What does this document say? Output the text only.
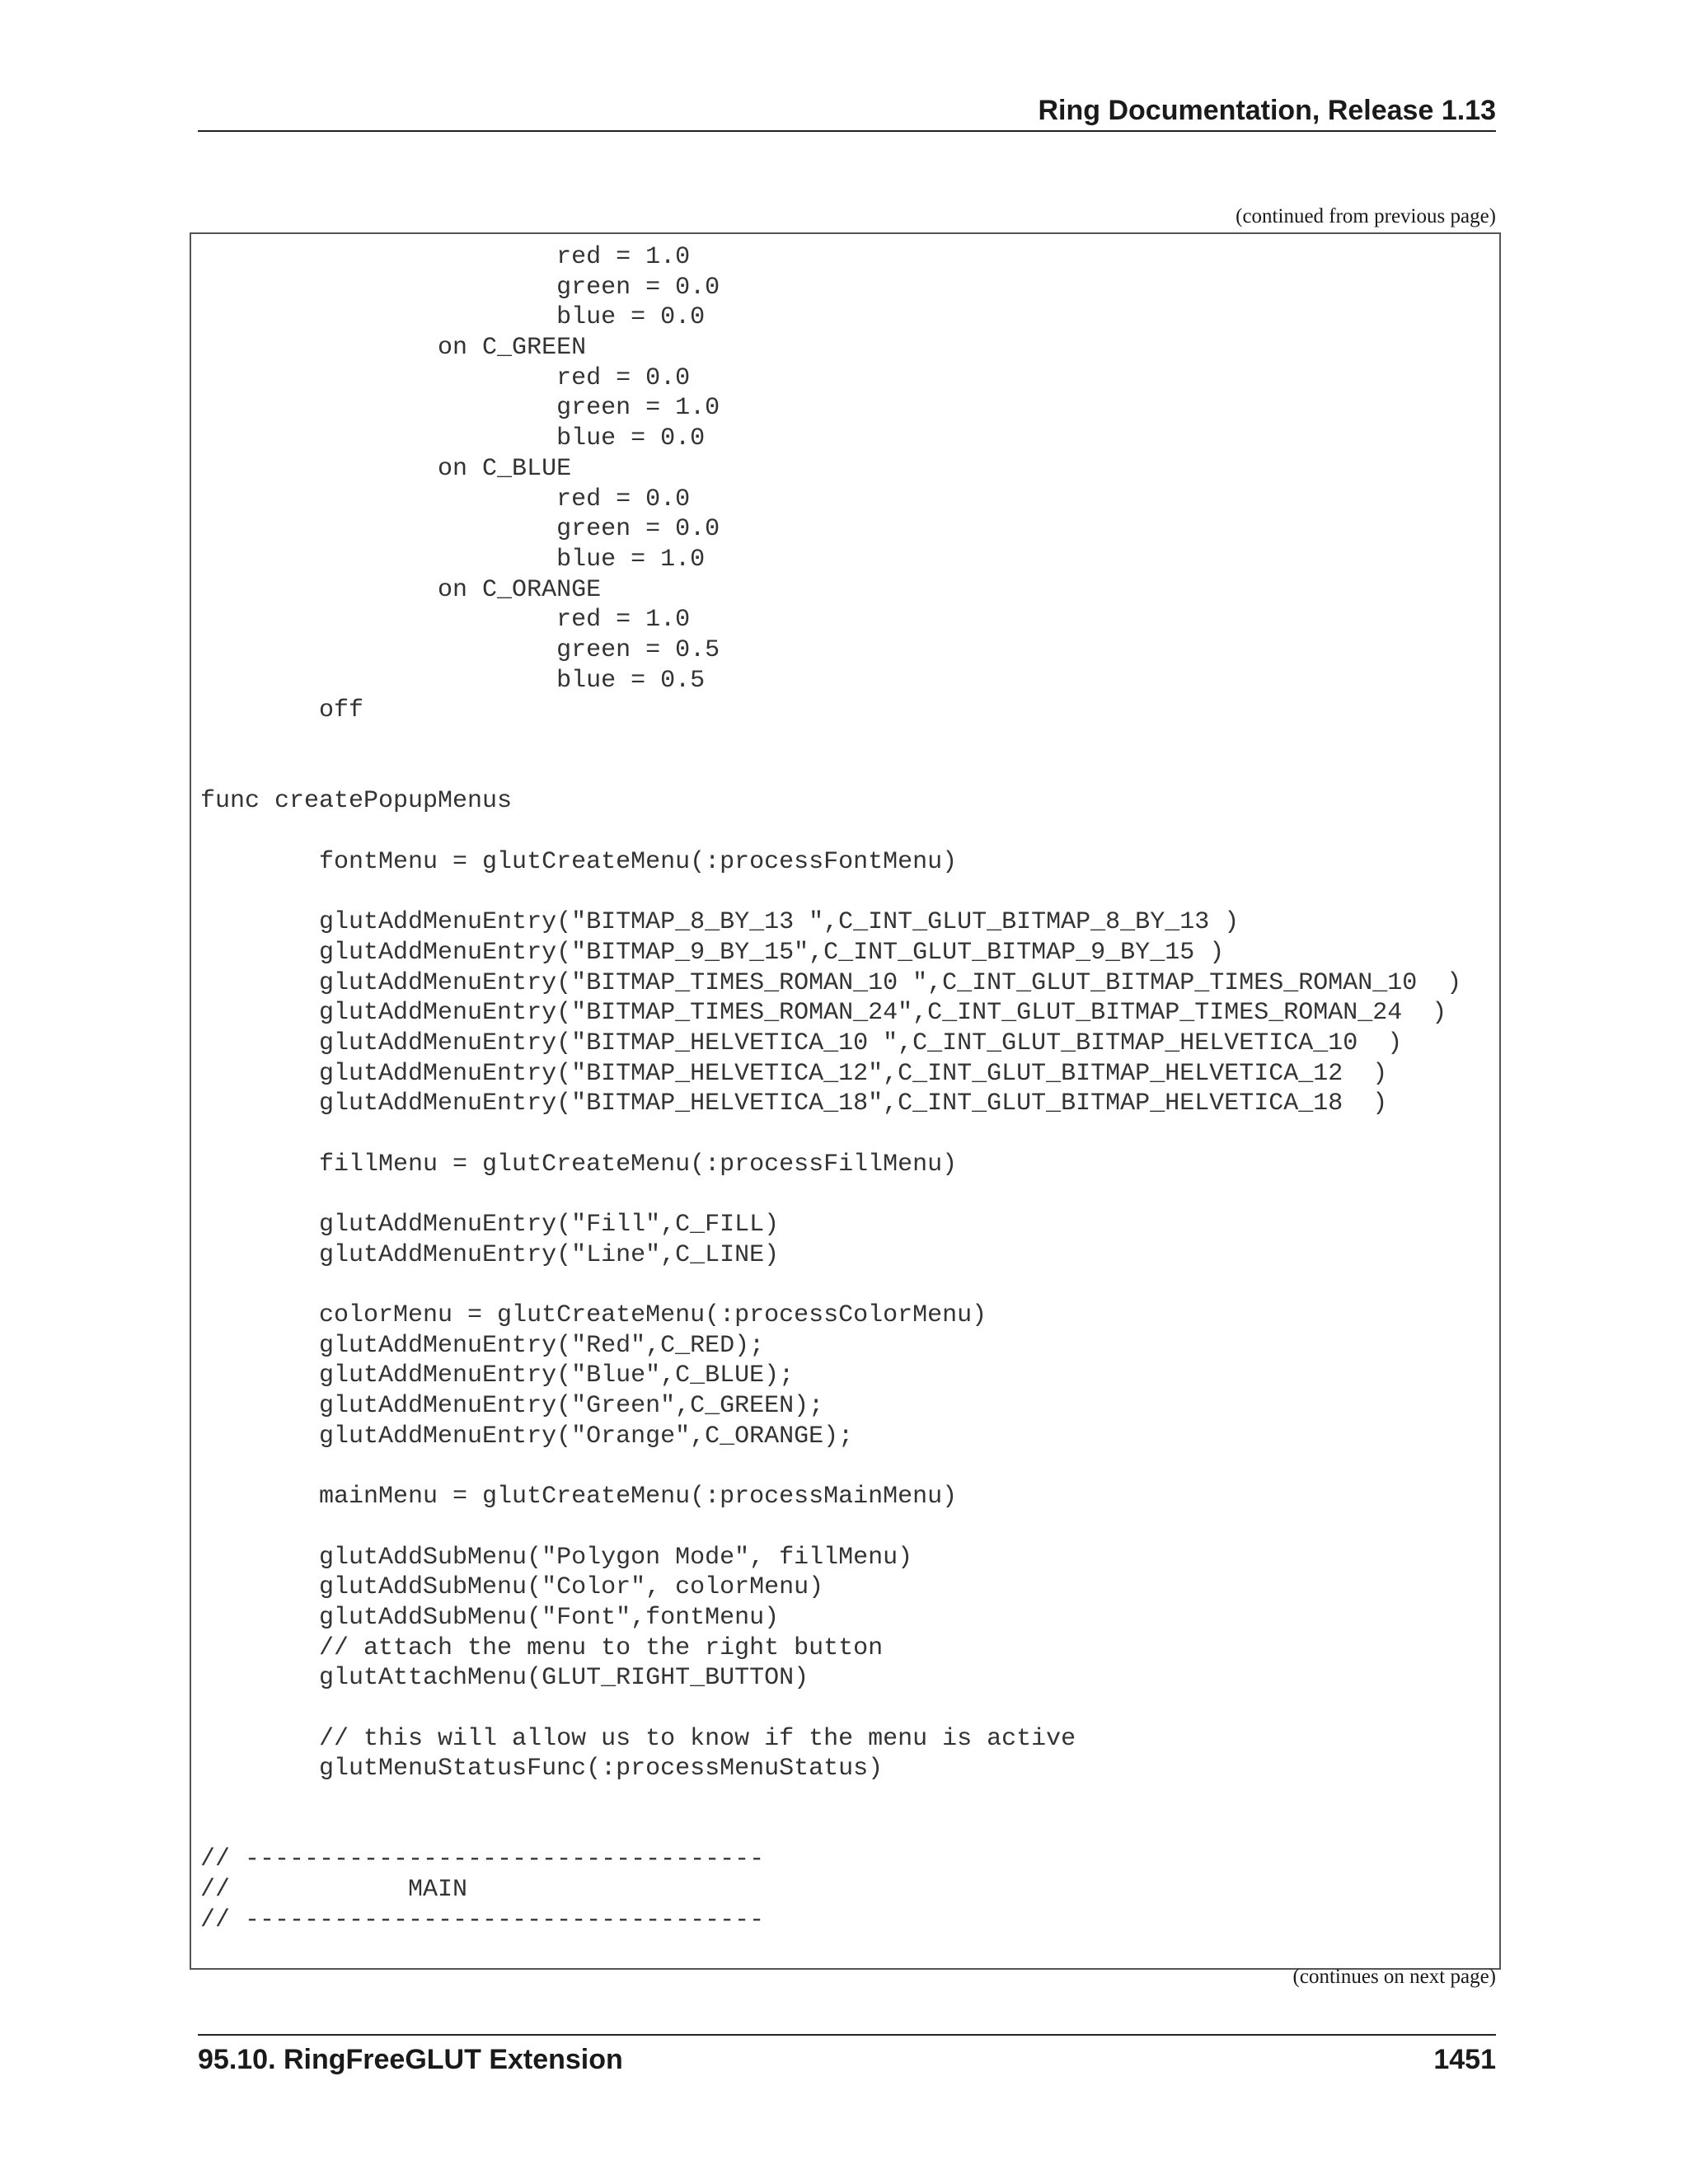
Ring Documentation, Release 1.13
(continued from previous page)
red = 1.0
green = 0.0
blue = 0.0
on C_GREEN
red = 0.0
green = 1.0
blue = 0.0
on C_BLUE
red = 0.0
green = 0.0
blue = 1.0
on C_ORANGE
red = 1.0
green = 0.5
blue = 0.5
off
func createPopupMenus
fontMenu = glutCreateMenu(:processFontMenu)
glutAddMenuEntry("BITMAP_8_BY_13 ",C_INT_GLUT_BITMAP_8_BY_13 )
glutAddMenuEntry("BITMAP_9_BY_15",C_INT_GLUT_BITMAP_9_BY_15 )
glutAddMenuEntry("BITMAP_TIMES_ROMAN_10 ",C_INT_GLUT_BITMAP_TIMES_ROMAN_10  )
glutAddMenuEntry("BITMAP_TIMES_ROMAN_24",C_INT_GLUT_BITMAP_TIMES_ROMAN_24  )
glutAddMenuEntry("BITMAP_HELVETICA_10 ",C_INT_GLUT_BITMAP_HELVETICA_10  )
glutAddMenuEntry("BITMAP_HELVETICA_12",C_INT_GLUT_BITMAP_HELVETICA_12  )
glutAddMenuEntry("BITMAP_HELVETICA_18",C_INT_GLUT_BITMAP_HELVETICA_18  )
fillMenu = glutCreateMenu(:processFillMenu)
glutAddMenuEntry("Fill",C_FILL)
glutAddMenuEntry("Line",C_LINE)
colorMenu = glutCreateMenu(:processColorMenu)
glutAddMenuEntry("Red",C_RED);
glutAddMenuEntry("Blue",C_BLUE);
glutAddMenuEntry("Green",C_GREEN);
glutAddMenuEntry("Orange",C_ORANGE);
mainMenu = glutCreateMenu(:processMainMenu)
glutAddSubMenu("Polygon Mode", fillMenu)
glutAddSubMenu("Color", colorMenu)
glutAddSubMenu("Font",fontMenu)
// attach the menu to the right button
glutAttachMenu(GLUT_RIGHT_BUTTON)
// this will allow us to know if the menu is active
glutMenuStatusFunc(:processMenuStatus)
// -----------------------------------
//            MAIN
// -----------------------------------
(continues on next page)
95.10. RingFreeGLUT Extension	1451
